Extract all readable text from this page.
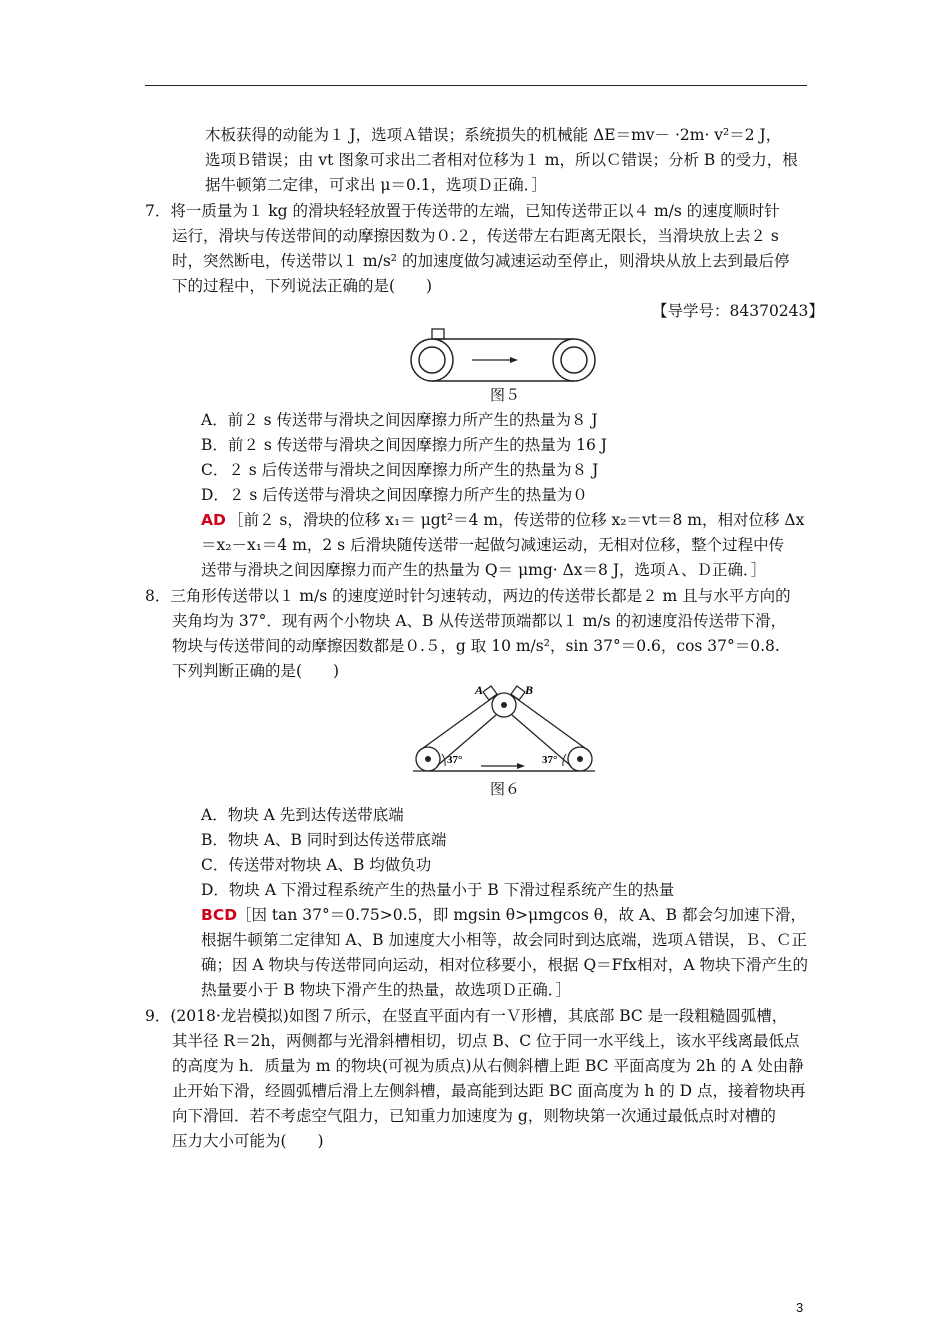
木板获得的动能为１ J，选项Ａ错误；系统损失的机械能 ΔE＝mv－ ·2m· v²＝2 J，
选项Ｂ错误；由 vt 图象可求出二者相对位移为１ m，所以Ｃ错误；分析 B 的受力，根
据牛顿第二定律，可求出 μ＝0.1，选项Ｄ正确．］
7．将一质量为１ kg 的滑块轻轻放置于传送带的左端，已知传送带正以４ m/s 的速度顺时针
运行，滑块与传送带间的动摩擦因数为０.２，传送带左右距离无限长，当滑块放上去２ s
时，突然断电，传送带以１ m/s² 的加速度做匀减速运动至停止，则滑块从放上去到最后停
下的过程中，下列说法正确的是(　　)
【导学号：84370243】
图５
A．前２ s 传送带与滑块之间因摩擦力所产生的热量为８ J
B．前２ s 传送带与滑块之间因摩擦力所产生的热量为 16 J
C．２ s 后传送带与滑块之间因摩擦力所产生的热量为８ J
D．２ s 后传送带与滑块之间因摩擦力所产生的热量为０
AD ［前２ s，滑块的位移 x₁＝ μgt²＝4 m，传送带的位移 x₂＝vt＝8 m，相对位移 Δx
＝x₂－x₁＝4 m，2 s 后滑块随传送带一起做匀减速运动，无相对位移，整个过程中传
送带与滑块之间因摩擦力而产生的热量为 Q＝ μmg· Δx＝8 J，选项Ａ、Ｄ正确．］
8．三角形传送带以１ m/s 的速度逆时针匀速转动，两边的传送带长都是２ m 且与水平方向的
夹角均为 37°．现有两个小物块 A、B 从传送带顶端都以１ m/s 的初速度沿传送带下滑，
物块与传送带间的动摩擦因数都是０.５，g 取 10 m/s²，sin 37°＝0.6，cos 37°＝0.8.
下列判断正确的是(　　)
A	B
37°	37°
图６
A．物块 A 先到达传送带底端
B．物块 A、B 同时到达传送带底端
C．传送带对物块 A、B 均做负功
D．物块 A 下滑过程系统产生的热量小于 B 下滑过程系统产生的热量
BCD
［因 tan 37°＝0.75>0.5，即 mgsin θ>μmgcos θ，故 A、B 都会匀加速下滑，
根据牛顿第二定律知 A、B 加速度大小相等，故会同时到达底端，选项Ａ错误，Ｂ、Ｃ正
确；因 A 物块与传送带同向运动，相对位移要小，根据 Q＝Ffx相对，A 物块下滑产生的
热量要小于 B 物块下滑产生的热量，故选项Ｄ正确．］
9．(2018·龙岩模拟)如图７所示，在竖直平面内有一Ｖ形槽，其底部 BC 是一段粗糙圆弧槽，
其半径 R＝2h，两侧都与光滑斜槽相切，切点 B、C 位于同一水平线上，该水平线离最低点
的高度为 h．质量为 m 的物块(可视为质点)从右侧斜槽上距 BC 平面高度为 2h 的 A 处由静
止开始下滑，经圆弧槽后滑上左侧斜槽，最高能到达距 BC 面高度为 h 的 D 点，接着物块再
向下滑回．若不考虑空气阻力，已知重力加速度为 g，则物块第一次通过最低点时对槽的
压力大小可能为(　　)
3
